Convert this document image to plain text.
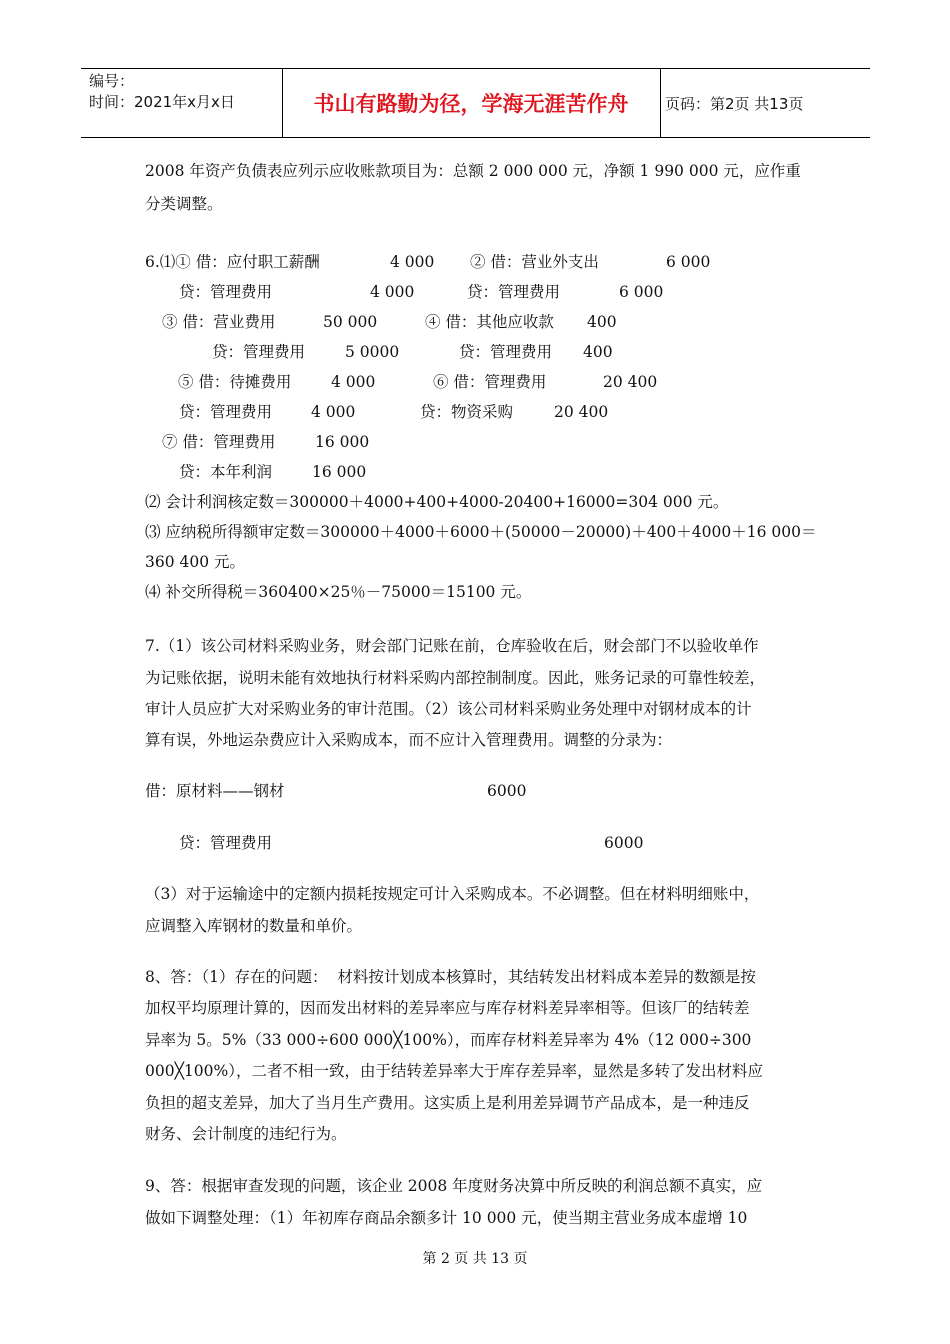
编号：
时间：2021年x月x日	书山有路勤为径，学海无涯苦作舟	页码：第2页 共13页
2008 年资产负债表应列示应收账款项目为：总额 2 000 000 元，净额 1 990 000 元，应作重
分类调整。
6.⑴① 借：应付职工薪酬	4 000 ② 借：营业外支出	6 000
贷：管理费用	4 000	贷：管理费用	6 000
③ 借：营业费用	50 000	④ 借：其他应收款 400
贷：管理费用	5 0000	贷：管理费用 400
⑤ 借：待摊费用	4 000	⑥ 借：管理费用	20 400
贷：管理费用	4 000	贷：物资采购	20 400
⑦ 借：管理费用	16 000
贷：本年利润	16 000
⑵ 会计利润核定数＝300000＋4000+400+4000-20400+16000=304 000 元。
⑶ 应纳税所得额审定数＝300000＋4000＋6000＋(50000－20000)＋400＋4000＋16 000＝
360 400 元。
⑷ 补交所得税＝360400×25％－75000＝15100 元。
7.（1）该公司材料采购业务，财会部门记账在前，仓库验收在后，财会部门不以验收单作
为记账依据，说明未能有效地执行材料采购内部控制制度。因此，账务记录的可靠性较差，
审计人员应扩大对采购业务的审计范围。（2）该公司材料采购业务处理中对钢材成本的计
算有误，外地运杂费应计入采购成本，而不应计入管理费用。调整的分录为：
借：原材料——钢材	6000
贷：管理费用	6000
（3）对于运输途中的定额内损耗按规定可计入采购成本。不必调整。但在材料明细账中，
应调整入库钢材的数量和单价。
8、答：（1）存在的问题：  材料按计划成本核算时，其结转发出材料成本差异的数额是按
加权平均原理计算的，因而发出材料的差异率应与库存材料差异率相等。但该厂的结转差
异率为 5。5%（33 000÷600 000╳100%），而库存材料差异率为 4%（12 000÷300
000╳100%），二者不相一致，由于结转差异率大于库存差异率，显然是多转了发出材料应
负担的超支差异，加大了当月生产费用。这实质上是利用差异调节产品成本，是一种违反
财务、会计制度的违纪行为。
9、答：根据审查发现的问题，该企业 2008 年度财务决算中所反映的利润总额不真实，应
做如下调整处理：（1）年初库存商品余额多计 10 000 元，使当期主营业务成本虚增 10
第 2 页 共 13 页
